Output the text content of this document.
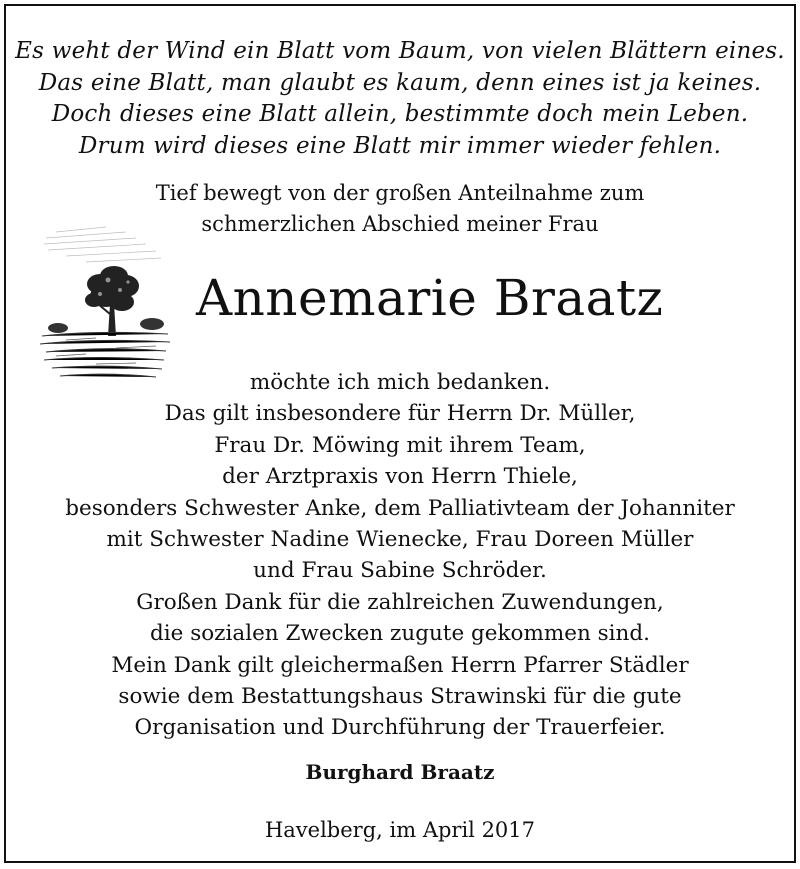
Es weht der Wind ein Blatt vom Baum, von vielen Blättern eines.
Das eine Blatt, man glaubt es kaum, denn eines ist ja keines.
Doch dieses eine Blatt allein, bestimmte doch mein Leben.
Drum wird dieses eine Blatt mir immer wieder fehlen.
Tief bewegt von der großen Anteilnahme zum
schmerzlichen Abschied meiner Frau
Annemarie Braatz
möchte ich mich bedanken.
Das gilt insbesondere für Herrn Dr. Müller,
Frau Dr. Möwing mit ihrem Team,
der Arztpraxis von Herrn Thiele,
besonders Schwester Anke, dem Palliativteam der Johanniter
mit Schwester Nadine Wienecke, Frau Doreen Müller
und Frau Sabine Schröder.
Großen Dank für die zahlreichen Zuwendungen,
die sozialen Zwecken zugute gekommen sind.
Mein Dank gilt gleichermaßen Herrn Pfarrer Städler
sowie dem Bestattungshaus Strawinski für die gute
Organisation und Durchführung der Trauerfeier.
Burghard Braatz
Havelberg, im April 2017
